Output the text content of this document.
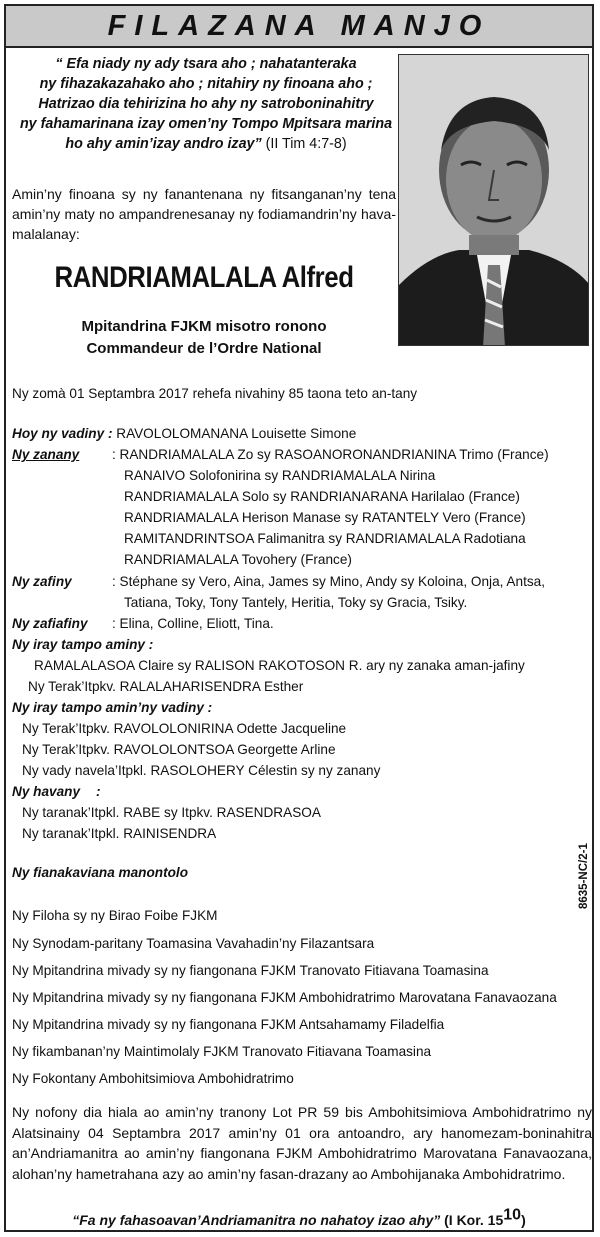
FILAZANA MANJO
“ Efa niady ny ady tsara aho ; nahatanteraka
ny fihazakazahako aho ; nitahiry ny finoana aho ;
Hatrizao dia tehirizina ho ahy ny satroboninahitry
ny fahamarinana izay omen’ny Tompo Mpitsara marina
ho ahy amin’izay andro izay” (II Tim 4:7-8)
Amin’ny finoana sy ny fanantenana ny fitsanganan’ny tena amin’ny maty no ampandrenesanay ny fodiamandrin’ny hava-malalanay:
RANDRIAMALALA Alfred
Mpitandrina FJKM misotro ronono
Commandeur de l’Ordre National
Ny zomà 01 Septambra 2017 rehefa nivahiny 85 taona teto an-tany
Hoy ny vadiny : RAVOLOLOMANANA Louisette Simone
Ny zanany : RANDRIAMALALA Zo sy RASOANORONANDRIANINA Trimo (France)
RANAIVO Solofonirina sy RANDRIAMALALA Nirina
RANDRIAMALALA Solo sy RANDRIANARANA Harilalao (France)
RANDRIAMALALA Herison Manase sy RATANTELY Vero (France)
RAMITANDRINTSOA Falimanitra sy RANDRIAMALALA Radotiana
RANDRIAMALALA Tovohery (France)
Ny zafiny	: Stéphane sy Vero, Aina, James sy Mino, Andy sy Koloina, Onja, Antsa,
Tatiana, Toky, Tony Tantely, Heritia, Toky sy Gracia, Tsiky.
Ny zafiafiny : Elina, Colline, Eliott, Tina.
Ny iray tampo aminy :
RAMALALASOA Claire sy RALISON RAKOTOSON R. ary ny zanaka aman-jafiny
Ny Terak’Itpkv. RALALAHARISENDRA Esther
Ny iray tampo amin’ny vadiny :
Ny Terak’Itpkv. RAVOLOLONIRINA Odette Jacqueline
Ny Terak’Itpkv. RAVOLOLONTSOA Georgette Arline
Ny vady navela’Itpkl. RASOLOHERY Célestin sy ny zanany
Ny havany :
Ny taranak’Itpkl. RABE sy Itpkv. RASENDRASOA
Ny taranak’Itpkl. RAINISENDRA
Ny fianakaviana manontolo
Ny Filoha sy ny Birao Foibe FJKM
Ny Synodam-paritany Toamasina Vavahadin’ny Filazantsara
Ny Mpitandrina mivady sy ny fiangonana FJKM Tranovato Fitiavana Toamasina
Ny Mpitandrina mivady sy ny fiangonana FJKM Ambohidratrimo Marovatana Fanavaozana
Ny Mpitandrina mivady sy ny fiangonana FJKM Antsahamamy Filadelfia
Ny fikambanan’ny Maintimolaly FJKM Tranovato Fitiavana Toamasina
Ny Fokontany Ambohitsimiova Ambohidratrimo
Ny nofony dia hiala ao amin’ny tranony Lot PR 59 bis Ambohitsimiova Ambohidratrimo ny Alatsinainy 04 Septambra 2017 amin’ny 01 ora antoandro, ary hanomezam-boninahitra an’Andriamanitra ao amin’ny fiangonana FJKM Ambohidratrimo Marovatana Fanavaozana, alohan’ny hametrahana azy ao amin’ny fasan-drazany ao Ambohijanaka Ambohidratrimo.
“Fa ny fahasoavan’Andriamanitra no nahatoy izao ahy” (I Kor. $15^{10}$)
8635-NC/2-1
